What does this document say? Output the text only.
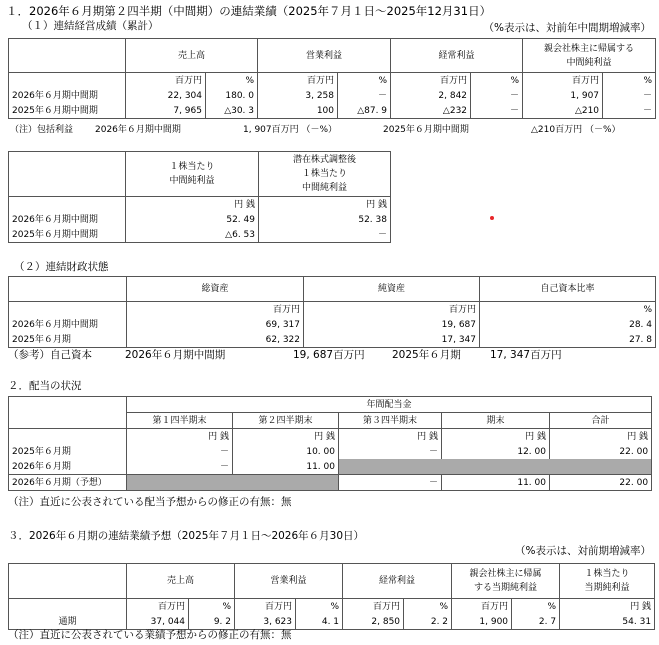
１．2026年６月期第２四半期（中間期）の連結業績（2025年７月１日～2025年12月31日）
（１）連結経営成績（累計）	（%表示は、対前年中間期増減率）
	売上高		営業利益		経常利益		親会社株主に帰属する
中間純利益	

	百万円	%	百万円	%	百万円	%	百万円	%
2026年６月期中間期	22, 304	180. 0	3, 258	－	2, 842	－	1, 907	－
2025年６月期中間期	7, 965	△30. 3	100	△87. 9	△232	－	△210	－
（注）包括利益 2026年６月期中間期	1, 907百万円 （－%）	2025年６月期中間期	△210百万円 （－%）

１株当たり
中間純利益

潜在株式調整後
１株当たり
中間純利益

	円 銭	円 銭
2026年６月期中間期	52. 49	52. 38
2025年６月期中間期	△6. 53	－
（２）連結財政状態
	総資産	純資産	自己資本比率
	百万円	百万円	%
2026年６月期中間期	69, 317	19, 687	28. 4
2025年６月期	62, 322	17, 347	27. 8
（参考）自己資本	2026年６月期中間期	19, 687百万円	2025年６月期	17, 347百万円
２．配当の状況
	年間配当金				
	第１四半期末	第２四半期末	第３四半期末	期末	合計
	円 銭	円 銭	円 銭	円 銭	円 銭
2025年６月期	－	10. 00	－	12. 00	22. 00
2026年６月期	－	11. 00			
2026年６月期（予想）			－	11. 00	22. 00
（注）直近に公表されている配当予想からの修正の有無：無
３．2026年６月期の連結業績予想（2025年７月１日～2026年６月30日）
（%表示は、対前期増減率）
	売上高	営業利益	経常利益	
親会社株主に帰属
する当期純利益

１株当たり
当期純利益

	百万円	%	百万円	%	百万円	%	百万円	%	円 銭
通期	37, 044	9. 2	3, 623	4. 1	2, 850	2. 2	1, 900	2. 7	54. 31
（注）直近に公表されている業績予想からの修正の有無：無
